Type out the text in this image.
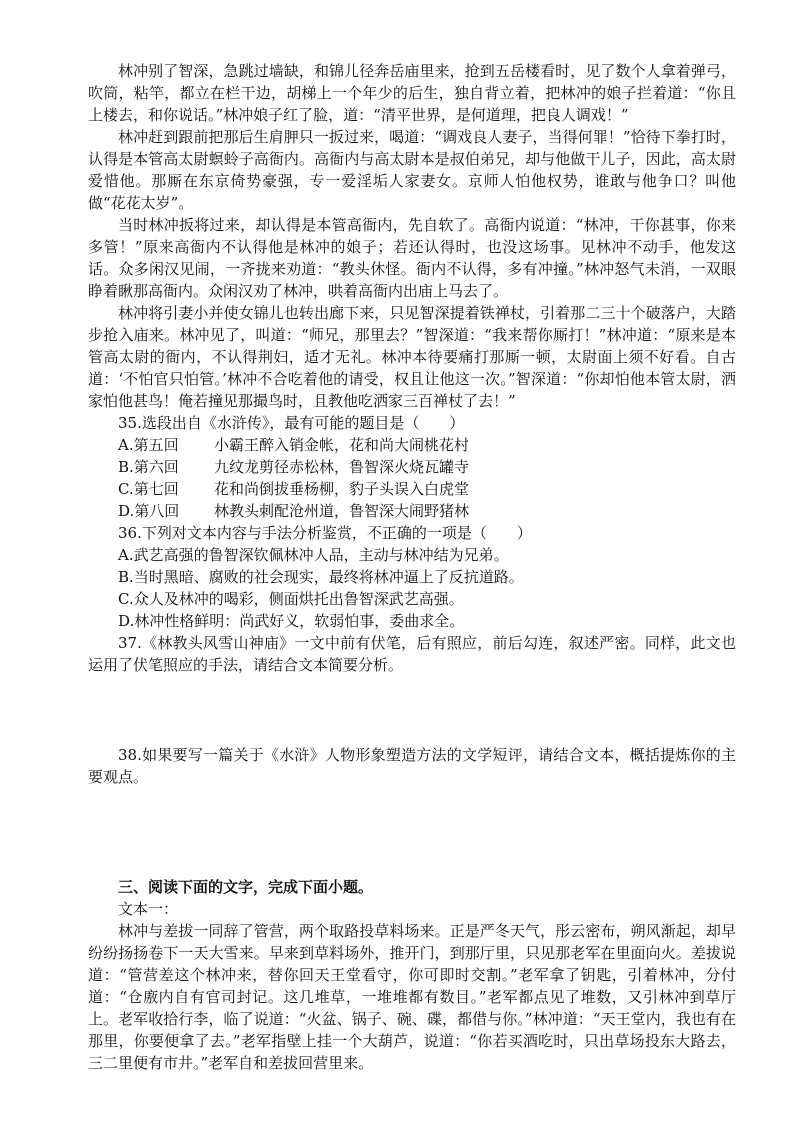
林冲别了智深，急跳过墙缺，和锦儿径奔岳庙里来，抢到五岳楼看时，见了数个人拿着弹弓，吹筒，粘竿，都立在栏干边，胡梯上一个年少的后生，独自背立着，把林冲的娘子拦着道：“你且上楼去，和你说话。”林冲娘子红了脸，道：“清平世界，是何道理，把良人调戏！”

林冲赶到跟前把那后生肩胛只一扳过来，喝道：“调戏良人妻子，当得何罪！”恰待下拳打时，认得是本管高太尉螟蛉子高衙内。高衙内与高太尉本是叔伯弟兄，却与他做干儿子，因此，高太尉爱惜他。那厮在东京倚势豪强，专一爱淫垢人家妻女。京师人怕他权势，谁敢与他争口？叫他做“花花太岁”。

当时林冲扳将过来，却认得是本管高衙内，先自软了。高衙内说道：“林冲，干你甚事，你来多管！”原来高衙内不认得他是林冲的娘子；若还认得时，也没这场事。见林冲不动手，他发这话。众多闲汉见闹，一齐拢来劝道：“教头休怪。衙内不认得，多有冲撞。”林冲怒气未消，一双眼睁着瞅那高衙内。众闲汉劝了林冲，哄着高衙内出庙上马去了。

林冲将引妻小并使女锦儿也转出廊下来，只见智深提着铁禅杖，引着那二三十个破落户，大踏步抢入庙来。林冲见了，叫道：“师兄，那里去？”智深道：“我来帮你厮打！”林冲道：“原来是本管高太尉的衙内，不认得荆妇，适才无礼。林冲本待要痛打那厮一顿，太尉面上须不好看。自古道：‘不怕官只怕管。’林冲不合吃着他的请受，权且让他这一次。”智深道：“你却怕他本管太尉，洒家怕他甚鸟！俺若撞见那撮鸟时，且教他吃洒家三百禅杖了去！”

35.选段出自《水浒传》，最有可能的题目是（　　）

A.第五回	小霸王醉入销金帐，花和尚大闹桃花村

B.第六回	九纹龙剪径赤松林，鲁智深火烧瓦罐寺

C.第七回	花和尚倒拔垂杨柳，豹子头误入白虎堂

D.第八回	林教头刺配沧州道，鲁智深大闹野猪林

36.下列对文本内容与手法分析鉴赏，不正确的一项是（　　）

A.武艺高强的鲁智深钦佩林冲人品，主动与林冲结为兄弟。

B.当时黑暗、腐败的社会现实，最终将林冲逼上了反抗道路。

C.众人及林冲的喝彩，侧面烘托出鲁智深武艺高强。

D.林冲性格鲜明：尚武好义，软弱怕事，委曲求全。

37.《林教头风雪山神庙》一文中前有伏笔，后有照应，前后勾连，叙述严密。同样，此文也运用了伏笔照应的手法，请结合文本简要分析。

38.如果要写一篇关于《水浒》人物形象塑造方法的文学短评，请结合文本，概括提炼你的主要观点。

三、阅读下面的文字，完成下面小题。

文本一：

林冲与差拔一同辞了管营，两个取路投草料场来。正是严冬天气，彤云密布，朔风渐起，却早纷纷扬扬卷下一天大雪来。早来到草料场外，推开门，到那厅里，只见那老军在里面向火。差拔说道：“管营差这个林冲来，替你回天王堂看守，你可即时交割。”老军拿了钥匙，引着林冲，分付道：“仓廒内自有官司封记。这几堆草，一堆堆都有数目。”老军都点见了堆数，又引林冲到草厅上。老军收拾行李，临了说道：“火盆、锅子、碗、碟，都借与你。”林冲道：“天王堂内，我也有在那里，你要便拿了去。”老军指壁上挂一个大葫芦，说道：“你若买酒吃时，只出草场投东大路去，三二里便有市井。”老军自和差拔回营里来。
